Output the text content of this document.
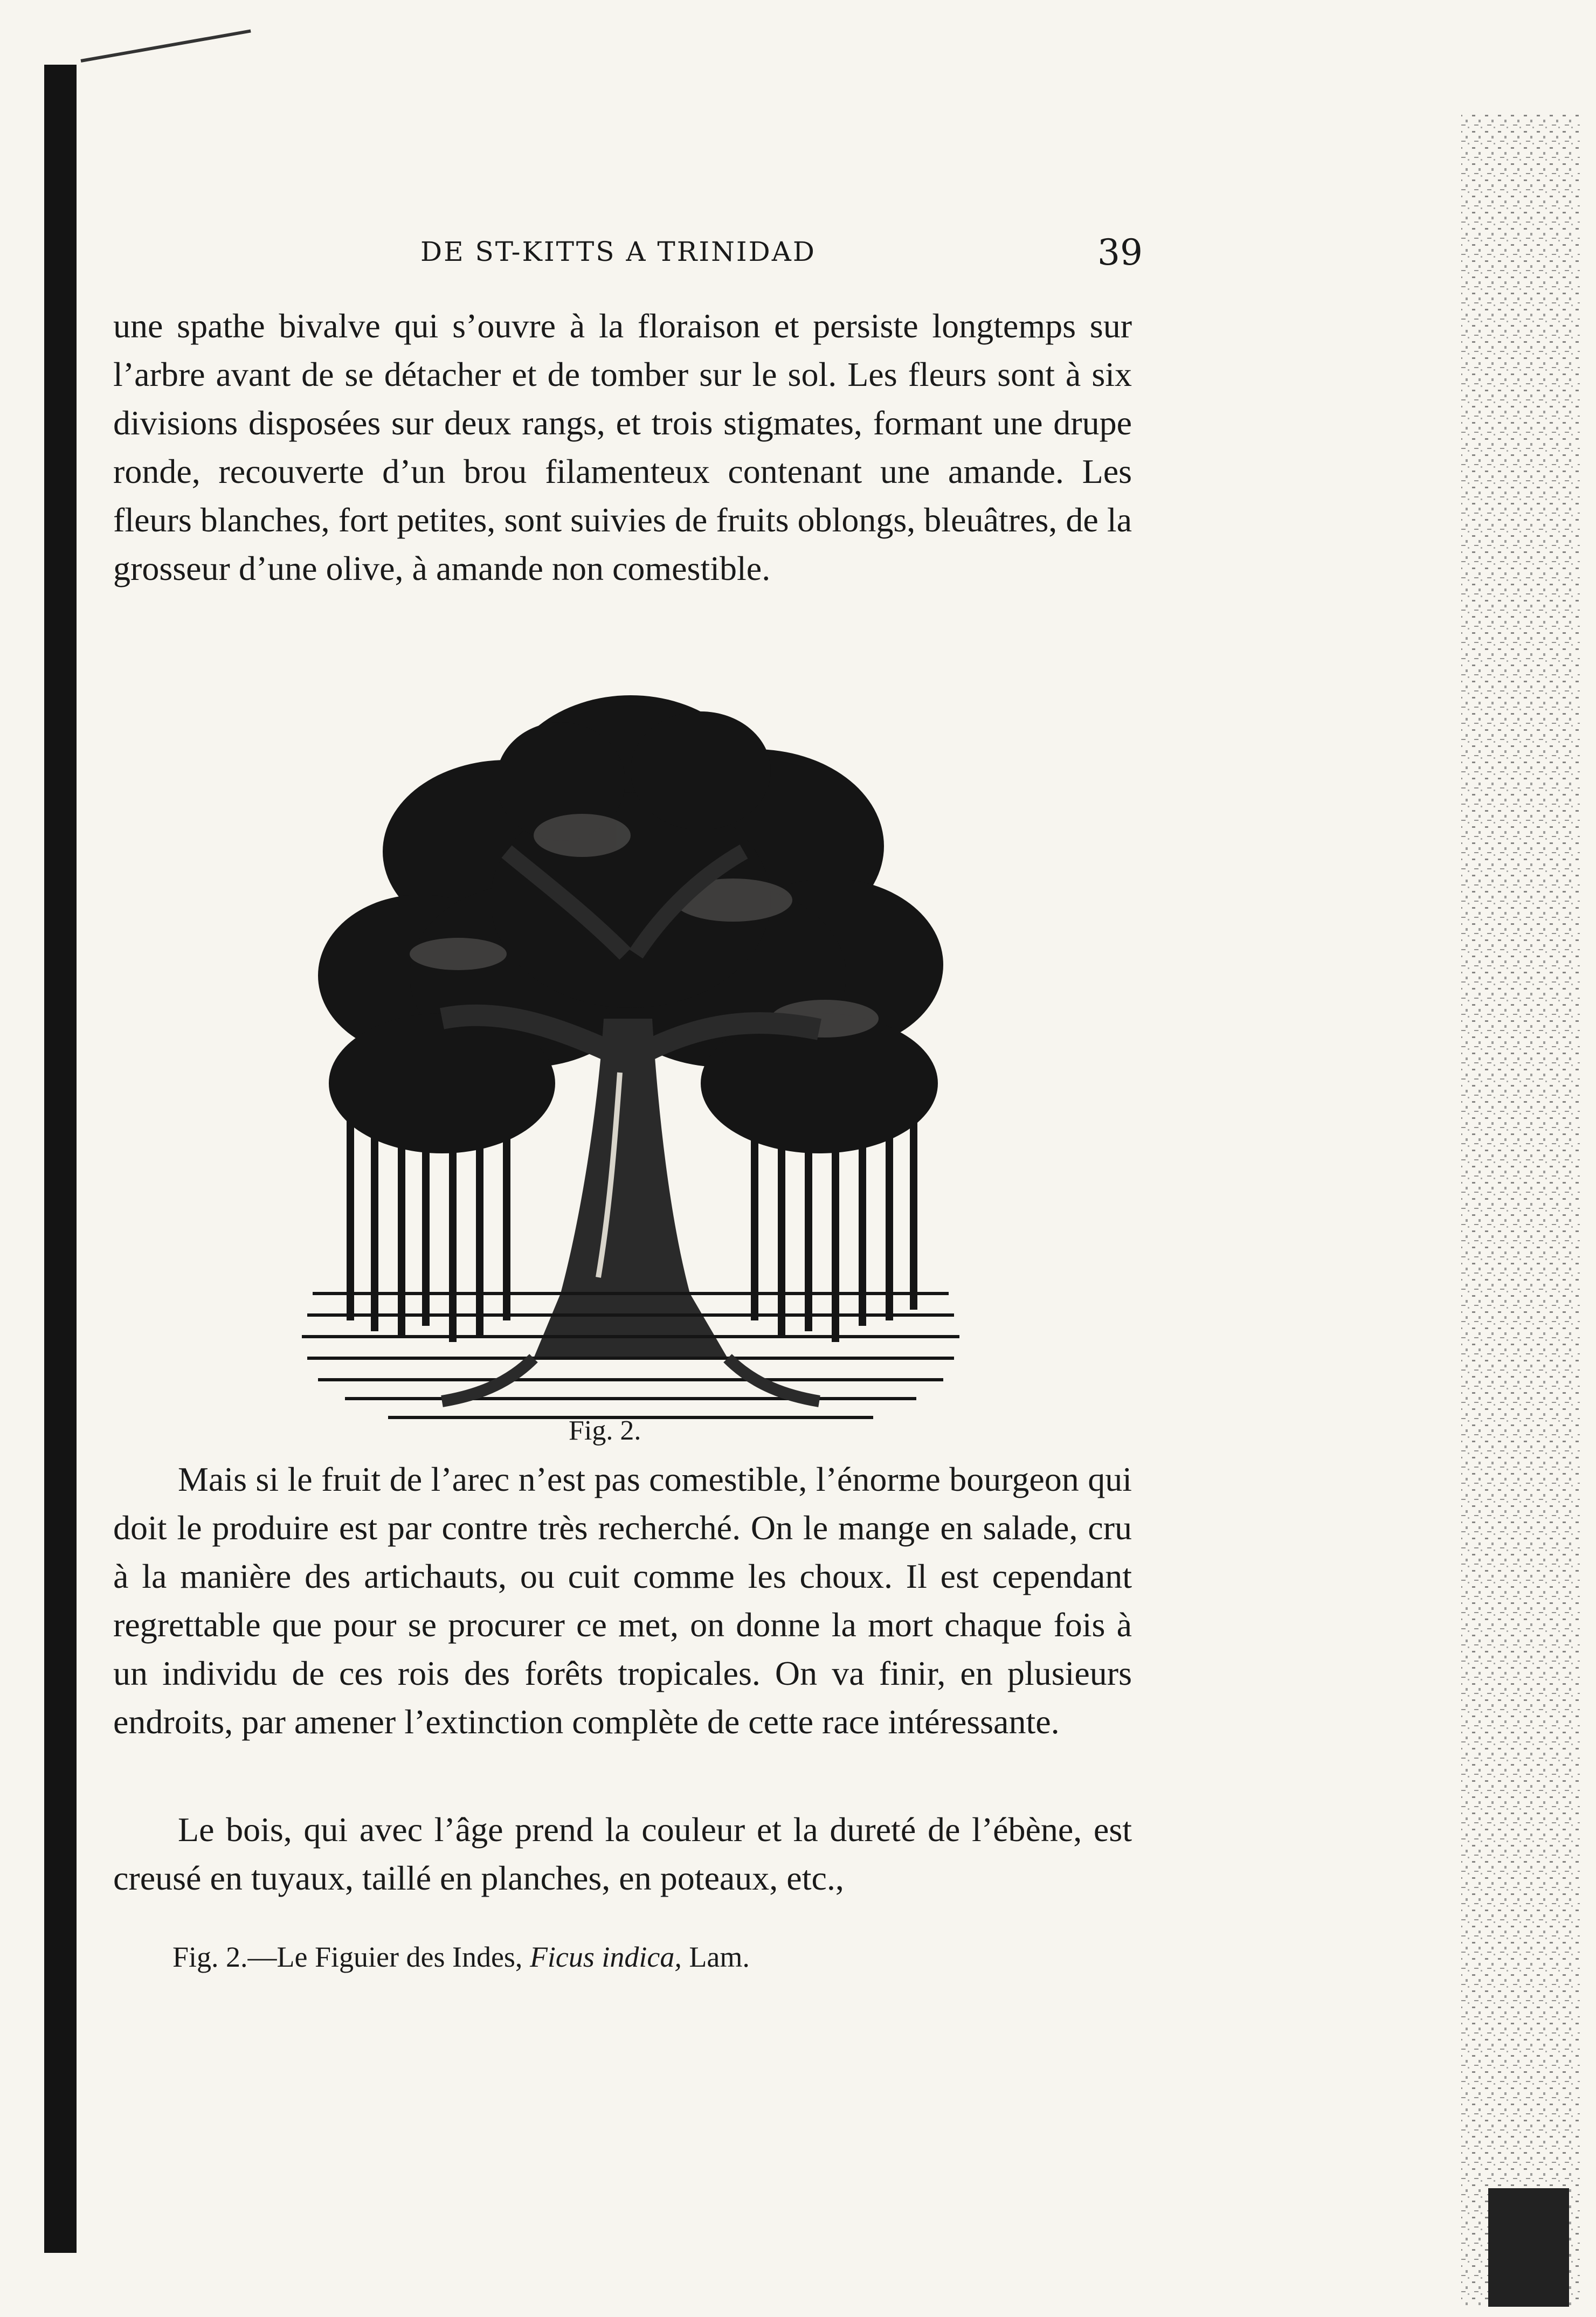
DE ST-KITTS A TRINIDAD	39

une spathe bivalve qui s’ouvre à la floraison et persiste longtemps sur l’arbre avant de se détacher et de tomber sur le sol. Les fleurs sont à six divisions disposées sur deux rangs, et trois stigmates, formant une drupe ronde, recouverte d’un brou filamenteux contenant une amande. Les fleurs blanches, fort petites, sont suivies de fruits oblongs, bleuâtres, de la grosseur d’une olive, à amande non comestible.

Fig. 2.

Mais si le fruit de l’arec n’est pas comestible, l’énorme bourgeon qui doit le produire est par contre très recherché. On le mange en salade, cru à la manière des artichauts, ou cuit comme les choux. Il est cependant regrettable que pour se procurer ce met, on donne la mort chaque fois à un individu de ces rois des forêts tropicales. On va finir, en plusieurs endroits, par amener l’extinction complète de cette race intéressante.

Le bois, qui avec l’âge prend la couleur et la dureté de l’ébène, est creusé en tuyaux, taillé en planches, en poteaux, etc.,

Fig. 2.—Le Figuier des Indes, Ficus indica, Lam.
